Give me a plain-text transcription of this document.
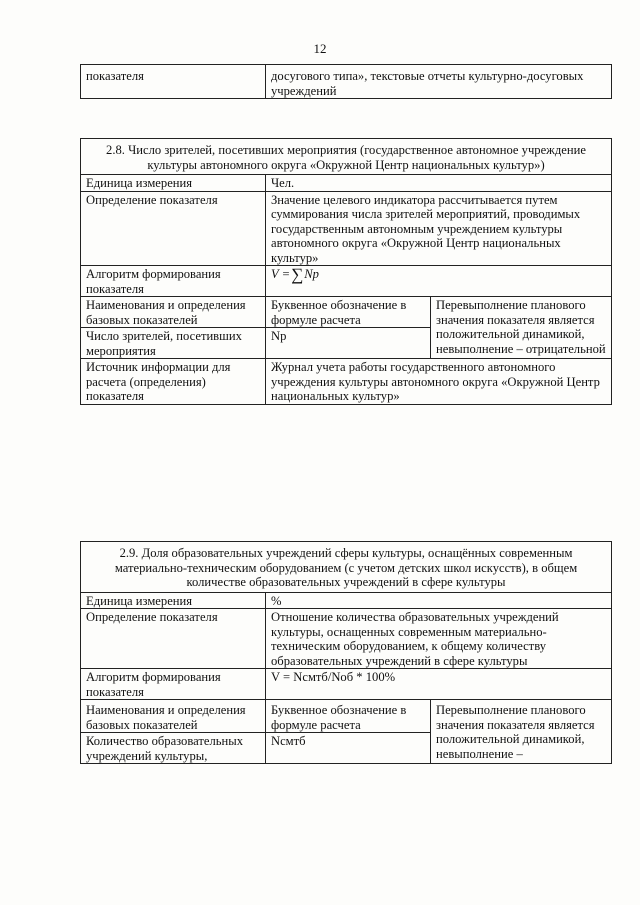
12
показателя	досугового типа», текстовые отчеты культурно-досуговых учреждений
2.8. Число зрителей, посетивших мероприятия (государственное автономное учреждение культуры автономного округа «Окружной Центр национальных культур»)		
Единица измерения	Чел.	
Определение показателя	Значение целевого индикатора рассчитывается путем суммирования числа зрителей мероприятий, проводимых государственным автономным учреждением культуры автономного округа «Окружной Центр национальных культур»	
Алгоритм формирования показателя	V =∑Np	
Наименования и определения базовых показателей	Буквенное обозначение в формуле расчета	Перевыполнение планового значения показателя является положительной динамикой, невыполнение – отрицательной
Число зрителей, посетивших мероприятия	Np	
Источник информации для расчета (определения) показателя	Журнал учета работы государственного автономного учреждения культуры автономного округа «Окружной Центр национальных культур»	
2.9. Доля образовательных учреждений сферы культуры, оснащённых современным материально-техническим оборудованием (с учетом детских школ искусств), в общем количестве образовательных учреждений в сфере культуры		
Единица измерения	%	
Определение показателя	Отношение количества образовательных учреждений культуры, оснащенных современным материально-техническим оборудованием, к общему количеству образовательных учреждений в сфере культуры	
Алгоритм формирования показателя	V = Nсмтб/Nоб * 100%	
Наименования и определения базовых показателей	Буквенное обозначение в формуле расчета	Перевыполнение планового значения показателя является положительной динамикой, невыполнение –
Количество образовательных учреждений культуры,	Nсмтб	
